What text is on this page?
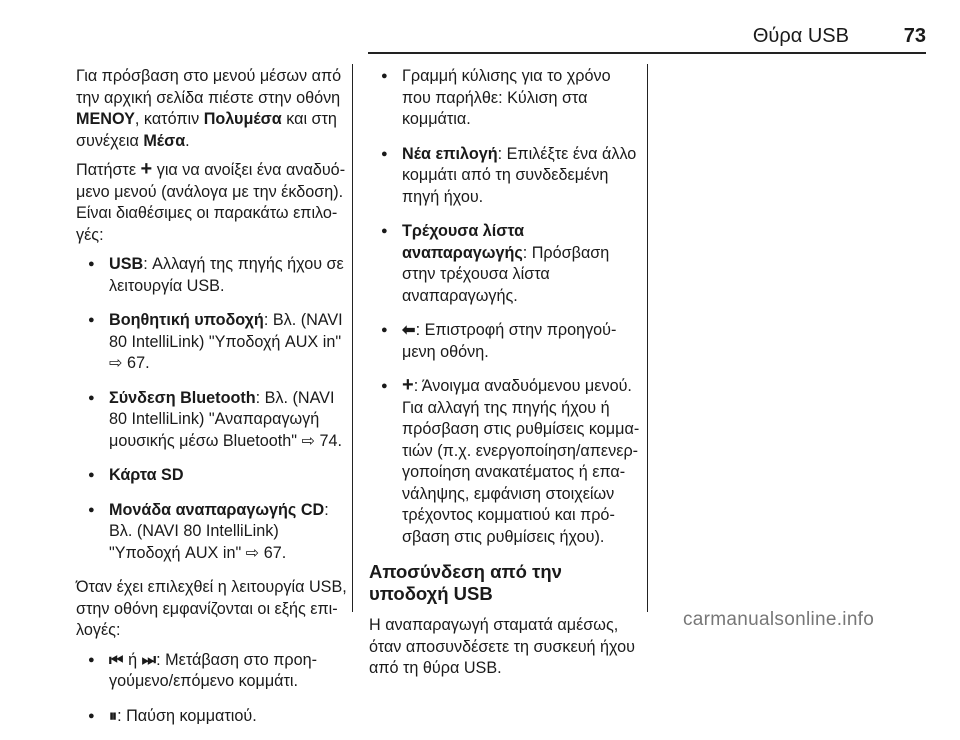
Θύρα USB	73

Για πρόσβαση στο μενού μέσων από την αρχική σελίδα πιέστε στην οθόνη ΜΕΝΟΥ, κατόπιν Πολυμέσα και στη συνέχεια Μέσα.

Πατήστε + για να ανοίξει ένα αναδυόμενο μενού (ανάλογα με την έκδοση). Είναι διαθέσιμες οι παρακάτω επιλογές:

● USB: Αλλαγή της πηγής ήχου σε λειτουργία USB.
● Βοηθητική υποδοχή: Βλ. (NAVI 80 IntelliLink) "Υποδοχή AUX in" ⇨ 67.
● Σύνδεση Bluetooth: Βλ. (NAVI 80 IntelliLink) "Αναπαραγωγή μουσικής μέσω Bluetooth" ⇨ 74.
● Κάρτα SD
● Μονάδα αναπαραγωγής CD: Βλ. (NAVI 80 IntelliLink) "Υποδοχή AUX in" ⇨ 67.

Όταν έχει επιλεχθεί η λειτουργία USB, στην οθόνη εμφανίζονται οι εξής επιλογές:

● ⏮ ή ⏭: Μετάβαση στο προηγούμενο/επόμενο κομμάτι.
● ⏸: Παύση κομματιού.
● Γραμμή κύλισης για το χρόνο που παρήλθε: Κύλιση στα κομμάτια.
● Νέα επιλογή: Επιλέξτε ένα άλλο κομμάτι από τη συνδεδεμένη πηγή ήχου.
● Τρέχουσα λίστα αναπαραγωγής: Πρόσβαση στην τρέχουσα λίστα αναπαραγωγής.
● ⬅: Επιστροφή στην προηγούμενη οθόνη.
● +: Άνοιγμα αναδυόμενου μενού. Για αλλαγή της πηγής ήχου ή πρόσβαση στις ρυθμίσεις κομματιών (π.χ. ενεργοποίηση/απενεργοποίηση ανακατέματος ή επανάληψης, εμφάνιση στοιχείων τρέχοντος κομματιού και πρόσβαση στις ρυθμίσεις ήχου).
Αποσύνδεση από την υποδοχή USB

Η αναπαραγωγή σταματά αμέσως, όταν αποσυνδέσετε τη συσκευή ήχου από τη θύρα USB.

carmanualsonline.info
